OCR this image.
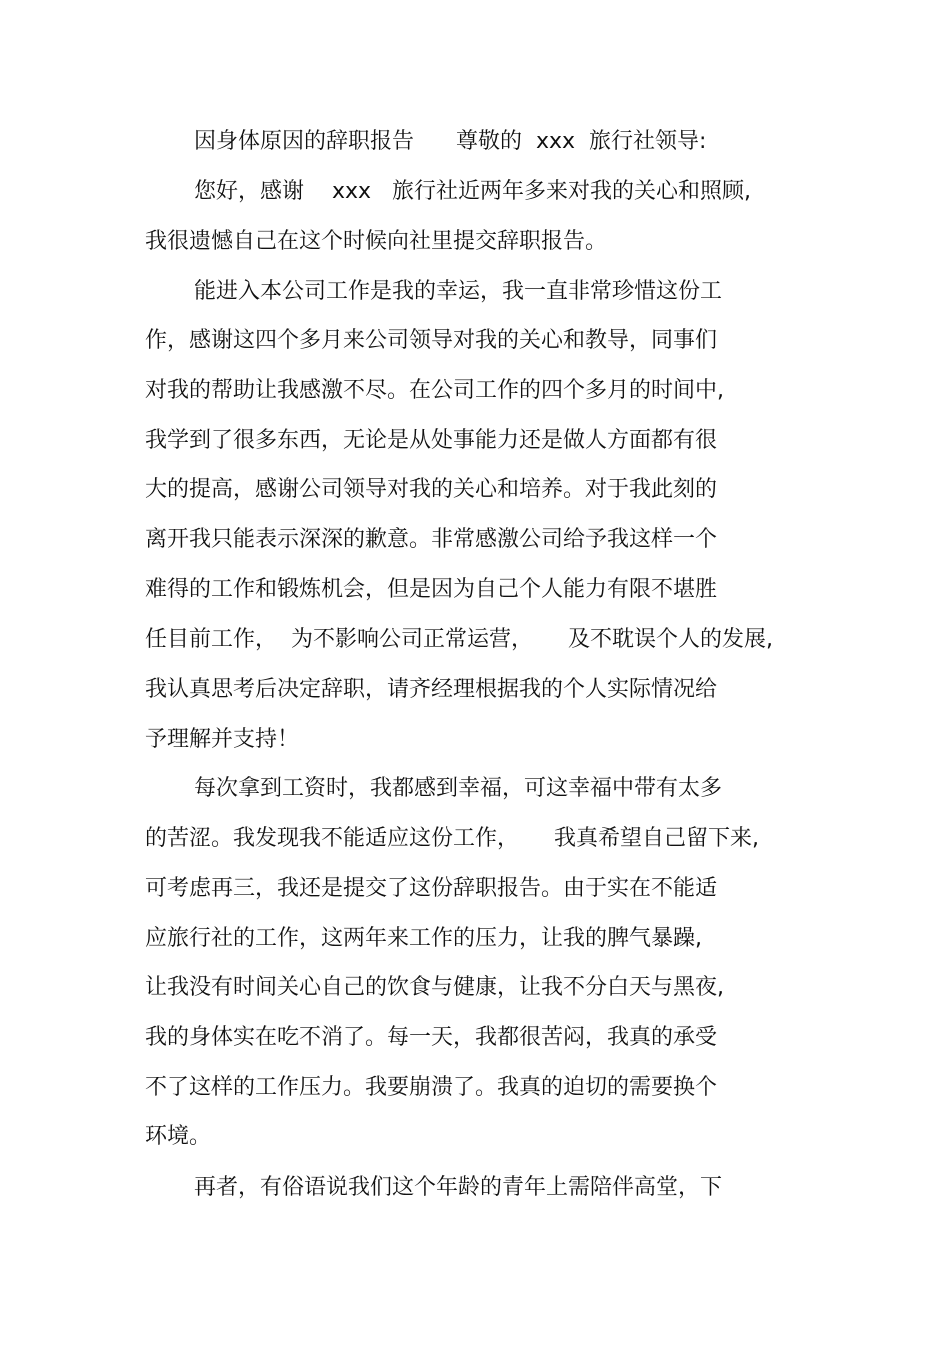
因身体原因的辞职报告      尊敬的  xxx  旅行社领导:
您好，感谢    xxx   旅行社近两年多来对我的关心和照顾,
我很遗憾自己在这个时候向社里提交辞职报告。
能进入本公司工作是我的幸运，我一直非常珍惜这份工
作，感谢这四个多月来公司领导对我的关心和教导，同事们
对我的帮助让我感激不尽。在公司工作的四个多月的时间中,
我学到了很多东西，无论是从处事能力还是做人方面都有很
大的提高，感谢公司领导对我的关心和培养。对于我此刻的
离开我只能表示深深的歉意。非常感激公司给予我这样一个
难得的工作和锻炼机会，但是因为自己个人能力有限不堪胜
任目前工作，  为不影响公司正常运营，     及不耽误个人的发展,
我认真思考后决定辞职，请齐经理根据我的个人实际情况给
予理解并支持！
每次拿到工资时，我都感到幸福，可这幸福中带有太多
的苦涩。我发现我不能适应这份工作，     我真希望自己留下来,
可考虑再三，我还是提交了这份辞职报告。由于实在不能适
应旅行社的工作，这两年来工作的压力，让我的脾气暴躁,
让我没有时间关心自己的饮食与健康，让我不分白天与黑夜,
我的身体实在吃不消了。每一天，我都很苦闷，我真的承受
不了这样的工作压力。我要崩溃了。我真的迫切的需要换个
环境。
再者，有俗语说我们这个年龄的青年上需陪伴高堂，下
